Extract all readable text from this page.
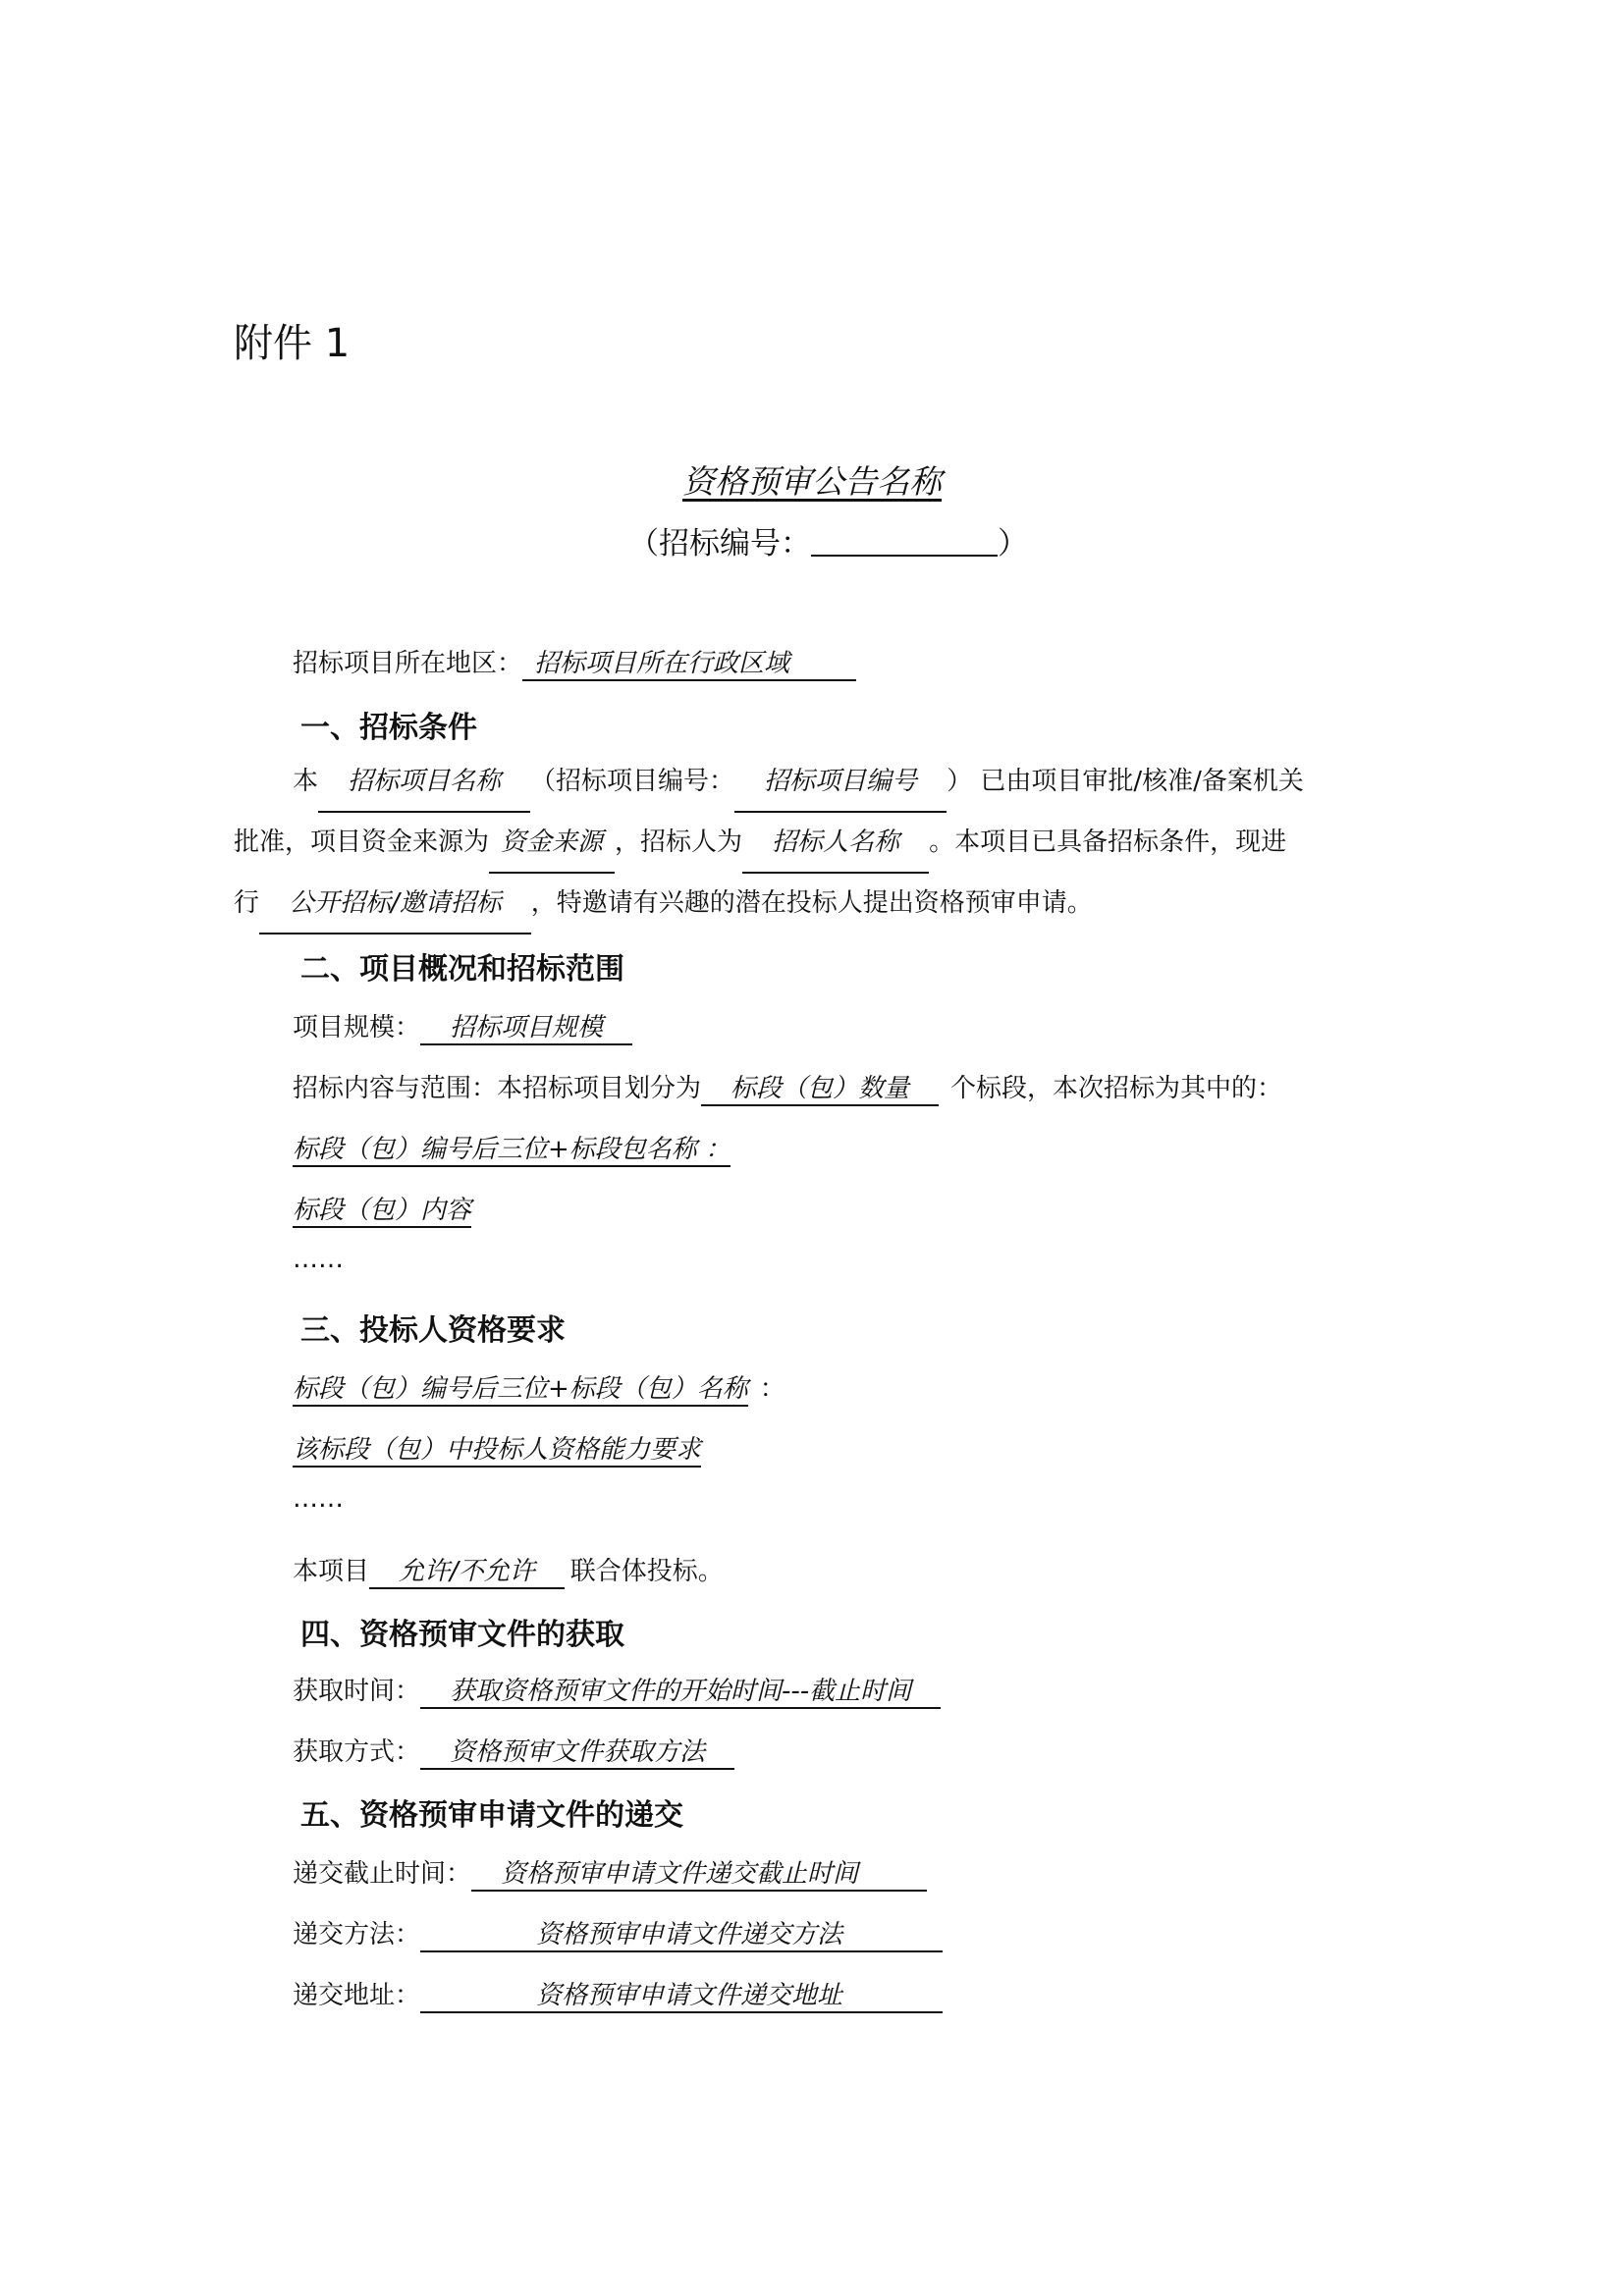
附件 1
资格预审公告名称
（招标编号：	）
招标项目所在地区： 招标项目所在行政区域
一、招标条件
本 招标项目名称 （招标项目编号： 招标项目编号 ） 已由项目审批/核准/备案机关
批准，项目资金来源为 资金来源 ，招标人为 招标人名称 。本项目已具备招标条件，现进
行 公开招标/邀请招标 ，特邀请有兴趣的潜在投标人提出资格预审申请。
二、项目概况和招标范围
项目规模： 招标项目规模
招标内容与范围：本招标项目划分为 标段（包）数量 个标段，本次招标为其中的：
标段（包）编号后三位+标段包名称 ：
标段（包）内容
……
三、投标人资格要求
标段（包）编号后三位+标段（包）名称 ：
该标段（包）中投标人资格能力要求
……
本项目 允许/不允许 联合体投标。
四、资格预审文件的获取
获取时间： 获取资格预审文件的开始时间---截止时间
获取方式： 资格预审文件获取方法
五、资格预审申请文件的递交
递交截止时间： 资格预审申请文件递交截止时间
递交方法：	资格预审申请文件递交方法
递交地址：	资格预审申请文件递交地址
